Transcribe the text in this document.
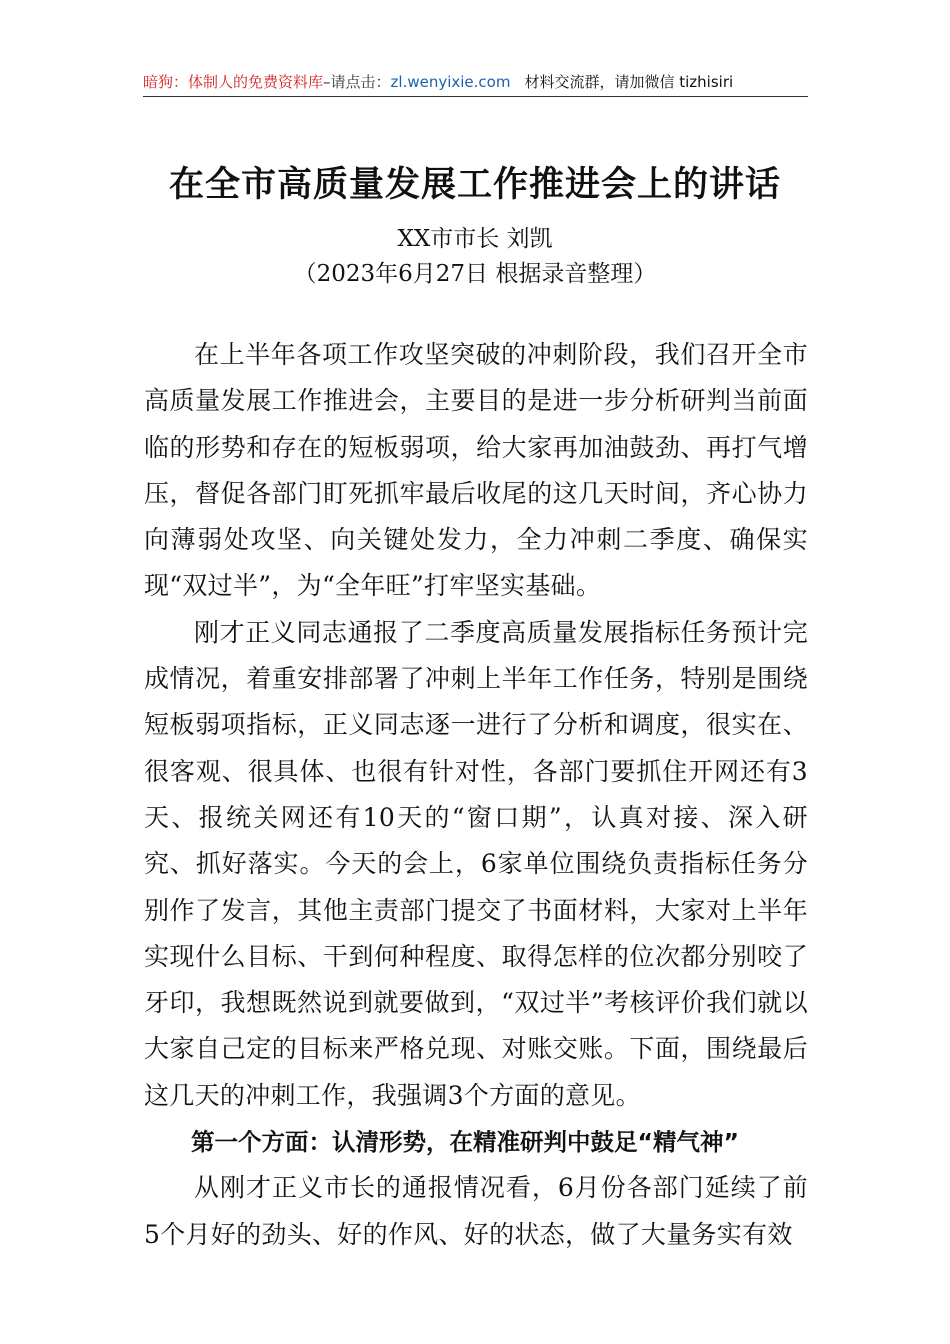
暗狗：体制人的免费资料库–请点击：zl.wenyixie.com 材料交流群，请加微信 tizhisiri
在全市高质量发展工作推进会上的讲话
XX市市长 刘凯
（2023年6月27日 根据录音整理）

在上半年各项工作攻坚突破的冲刺阶段，我们召开全市高质量发展工作推进会，主要目的是进一步分析研判当前面临的形势和存在的短板弱项，给大家再加油鼓劲、再打气增压，督促各部门盯死抓牢最后收尾的这几天时间，齐心协力向薄弱处攻坚、向关键处发力，全力冲刺二季度、确保实现“双过半”，为“全年旺”打牢坚实基础。

刚才正义同志通报了二季度高质量发展指标任务预计完成情况，着重安排部署了冲刺上半年工作任务，特别是围绕短板弱项指标，正义同志逐一进行了分析和调度，很实在、很客观、很具体、也很有针对性，各部门要抓住开网还有3天、报统关网还有10天的“窗口期”，认真对接、深入研究、抓好落实。今天的会上，6家单位围绕负责指标任务分别作了发言，其他主责部门提交了书面材料，大家对上半年实现什么目标、干到何种程度、取得怎样的位次都分别咬了牙印，我想既然说到就要做到，“双过半”考核评价我们就以大家自己定的目标来严格兑现、对账交账。下面，围绕最后这几天的冲刺工作，我强调3个方面的意见。

第一个方面：认清形势，在精准研判中鼓足“精气神”

从刚才正义市长的通报情况看，6月份各部门延续了前5个月好的劲头、好的作风、好的状态，做了大量务实有效
